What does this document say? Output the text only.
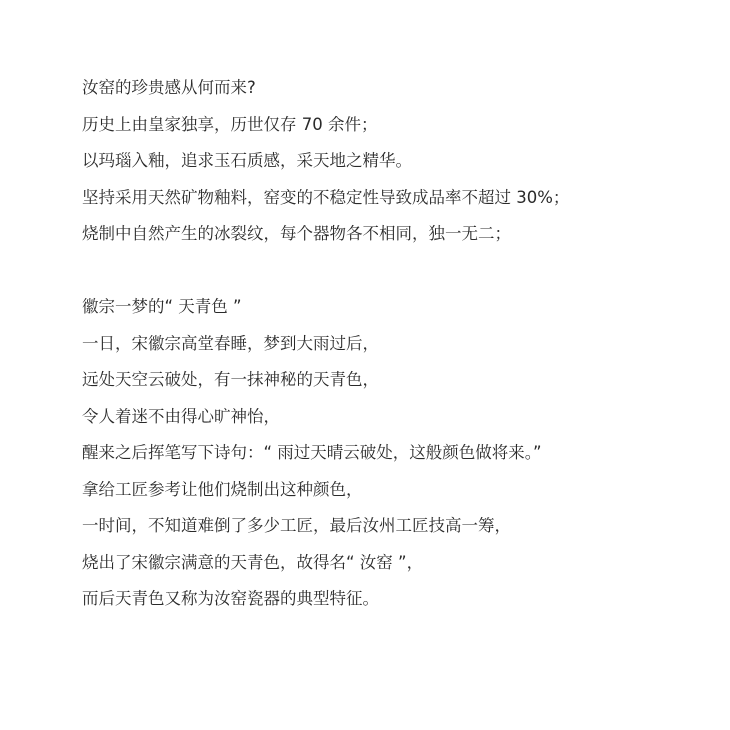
汝窑的珍贵感从何而来?
历史上由皇家独享，历世仅存 70 余件；
以玛瑙入釉，追求玉石质感，采天地之精华。
坚持采用天然矿物釉料，窑变的不稳定性导致成品率不超过 30%；
烧制中自然产生的冰裂纹，每个器物各不相同，独一无二；
徽宗一梦的“ 天青色 ”
一日，宋徽宗高堂春睡，梦到大雨过后，
远处天空云破处，有一抹神秘的天青色，
令人着迷不由得心旷神怡，
醒来之后挥笔写下诗句：“ 雨过天晴云破处，这般颜色做将来。”
拿给工匠参考让他们烧制出这种颜色，
一时间，不知道难倒了多少工匠，最后汝州工匠技高一筹，
烧出了宋徽宗满意的天青色，故得名“ 汝窑 ”，
而后天青色又称为汝窑瓷器的典型特征。
